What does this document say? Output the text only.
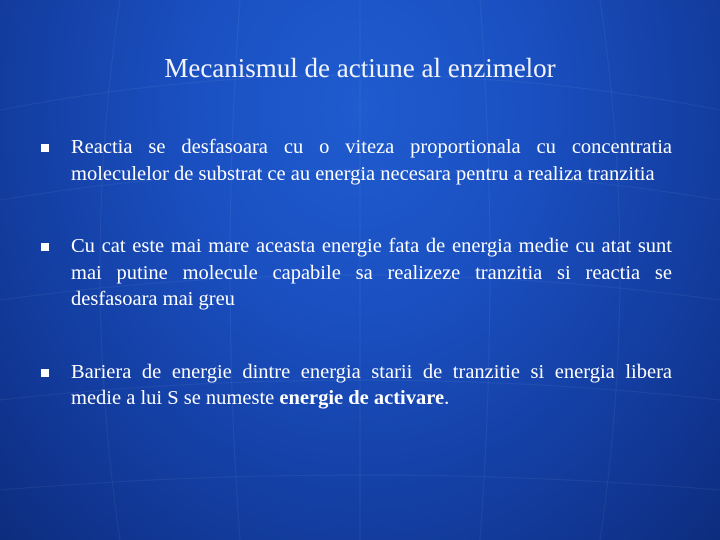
Mecanismul de actiune al enzimelor
Reactia se desfasoara cu o viteza proportionala cu concentratia moleculelor de substrat ce au energia necesara pentru a realiza tranzitia
Cu cat este mai mare aceasta energie fata de energia medie cu atat sunt mai putine molecule capabile sa realizeze tranzitia si reactia se desfasoara mai greu
Bariera de energie dintre energia starii de tranzitie si energia libera medie a lui S se numeste energie de activare.
